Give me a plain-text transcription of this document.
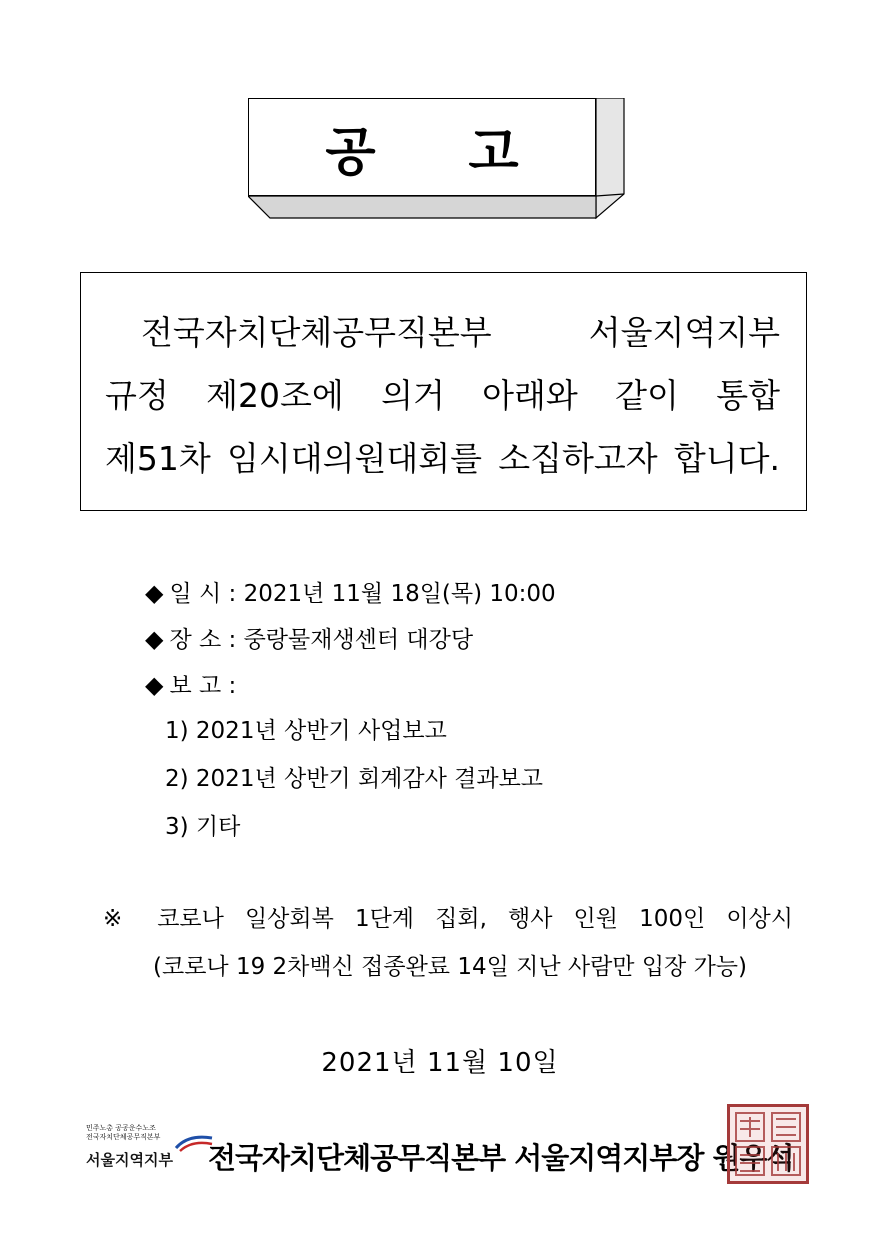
공 고
전국자치단체공무직본부 서울지역지부
규정 제20조에 의거 아래와 같이 통합
제51차 임시대의원대회를 소집하고자 합니다.
◆ 일 시 : 2021년 11월 18일(목) 10:00
◆ 장 소 : 중랑물재생센터 대강당
◆ 보 고 :
1) 2021년 상반기 사업보고
2) 2021년 상반기 회계감사 결과보고
3) 기타
※ 코로나 일상회복 1단계 집회, 행사 인원 100인 이상시
(코로나 19 2차백신 접종완료 14일 지난 사람만 입장 가능)
2021년 11월 10일
민주노총 공공운수노조
전국자치단체공무직본부
서울지역지부 전국자치단체공무직본부 서울지역지부장 원우석
